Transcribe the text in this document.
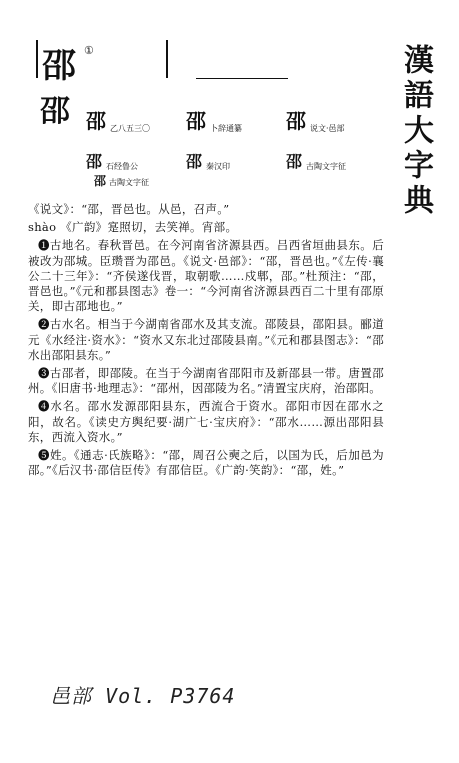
邵 ①	漢語大字典
邵 邵 乙八五三〇 邵 卜辞通纂 邵 说文·邑部
邵 石经鲁公	邵 秦汉印	邵 古陶文字征
邵古陶文字征

《说文》：“邵，晋邑也。从邑，召声。”

shào 《广韵》寔照切，去笑禅。宵部。

❶古地名。春秋晋邑。在今河南省济源县西。吕西省垣曲县东。后被改为邵城。臣瓒晋为邵邑。《说文·邑部》：“邵，晋邑也。”《左传·襄公二十三年》：“齐侯遂伐晋，取朝歌……戍郫，邵。”杜预注：“邵，晋邑也。”《元和郡县图志》卷一：“今河南省济源县西百二十里有邵原关，即古邵地也。”

❷古水名。相当于今湖南省邵水及其支流。邵陵县，邵阳县。郦道元《水经注·资水》：“资水又东北过邵陵县南。”《元和郡县图志》：“邵水出邵阳县东。”

❸古邵者，即邵陵。在当于今湖南省邵阳市及新邵县一带。唐置邵州。《旧唐书·地理志》：“邵州，因邵陵为名。”清置宝庆府，治邵阳。

❹水名。邵水发源邵阳县东，西流合于资水。邵阳市因在邵水之阳，故名。《读史方舆纪要·湖广七·宝庆府》：“邵水……源出邵阳县东，西流入资水。”

❺姓。《通志·氏族略》：“邵，周召公奭之后，以国为氏，后加邑为邵。”《后汉书·邵信臣传》有邵信臣。《广韵·笑韵》：“邵，姓。”

邑部 Vol. P3764
